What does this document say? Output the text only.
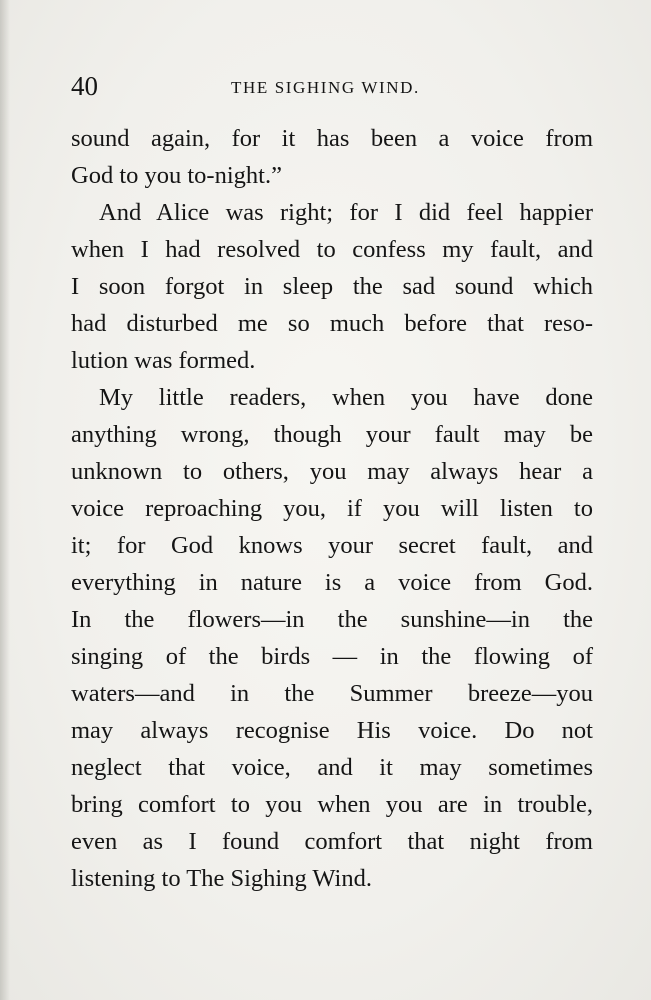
40	THE SIGHING WIND.
sound again, for it has been a voice from
God to you to-night.”
And Alice was right; for I did feel happier
when I had resolved to confess my fault, and
I soon forgot in sleep the sad sound which
had disturbed me so much before that reso-
lution was formed.
My little readers, when you have done
anything wrong, though your fault may be
unknown to others, you may always hear a
voice reproaching you, if you will listen to
it; for God knows your secret fault, and
everything in nature is a voice from God.
In the flowers—in the sunshine—in the
singing of the birds — in the flowing of
waters—and in the Summer breeze—you
may always recognise His voice. Do not
neglect that voice, and it may sometimes
bring comfort to you when you are in trouble,
even as I found comfort that night from
listening to The Sighing Wind.
